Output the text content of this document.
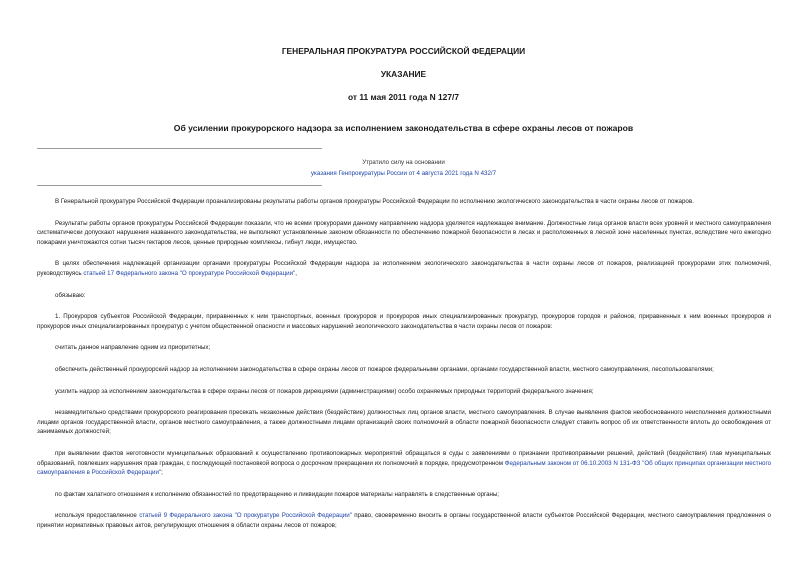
ГЕНЕРАЛЬНАЯ ПРОКУРАТУРА РОССИЙСКОЙ ФЕДЕРАЦИИ
УКАЗАНИЕ
от 11 мая 2011 года N 127/7
Об усилении прокурорского надзора за исполнением законодательства в сфере охраны лесов от пожаров
Утратило силу на основании
указания Генпрокуратуры России от 4 августа 2021 года N 432/7

В Генеральной прокуратуре Российской Федерации проанализированы результаты работы органов прокуратуры Российской Федерации по исполнению экологического законодательства в части охраны лесов от пожаров.

Результаты работы органов прокуратуры Российской Федерации показали, что не всеми прокурорами данному направлению надзора уделяется надлежащее внимание. Должностные лица органов власти всех уровней и местного самоуправления систематически допускают нарушения названного законодательства, не выполняют установленные законом обязанности по обеспечению пожарной безопасности в лесах и расположенных в лесной зоне населенных пунктах, вследствие чего ежегодно пожарами уничтожаются сотни тысяч гектаров лесов, ценные природные комплексы, гибнут люди, имущество.

В целях обеспечения надлежащей организации органами прокуратуры Российской Федерации надзора за исполнением экологического законодательства в части охраны лесов от пожаров, реализацией прокурорами этих полномочий, руководствуясь статьей 17 Федерального закона "О прокуратуре Российской Федерации",

обязываю:

1. Прокуроров субъектов Российской Федерации, приравненных к ним транспортных, военных прокуроров и прокуроров иных специализированных прокуратур, прокуроров городов и районов, приравненных к ним военных прокуроров и прокуроров иных специализированных прокуратур с учетом общественной опасности и массовых нарушений экологического законодательства в части охраны лесов от пожаров:

считать данное направление одним из приоритетных;

обеспечить действенный прокурорский надзор за исполнением законодательства в сфере охраны лесов от пожаров федеральными органами, органами государственной власти, местного самоуправления, лесопользователями;

усилить надзор за исполнением законодательства в сфере охраны лесов от пожаров дирекциями (администрациями) особо охраняемых природных территорий федерального значения;

незамедлительно средствами прокурорского реагирования пресекать незаконные действия (бездействие) должностных лиц органов власти, местного самоуправления. В случае выявления фактов необоснованного неисполнения должностными лицами органов государственной власти, органов местного самоуправления, а также должностными лицами организаций своих полномочий в области пожарной безопасности следует ставить вопрос об их ответственности вплоть до освобождения от занимаемых должностей;

при выявлении фактов неготовности муниципальных образований к осуществлению противопожарных мероприятий обращаться в суды с заявлениями о признании противоправными решений, действий (бездействия) глав муниципальных образований, повлекших нарушения прав граждан, с последующей постановкой вопроса о досрочном прекращении их полномочий в порядке, предусмотренном Федеральным законом от 06.10.2003 N 131-ФЗ "Об общих принципах организации местного самоуправления в Российской Федерации";

по фактам халатного отношения к исполнению обязанностей по предотвращению и ликвидации пожаров материалы направлять в следственные органы;

используя предоставленное статьей 9 Федерального закона "О прокуратуре Российской Федерации" право, своевременно вносить в органы государственной власти субъектов Российской Федерации, местного самоуправления предложения о принятии нормативных правовых актов, регулирующих отношения в области охраны лесов от пожаров;
